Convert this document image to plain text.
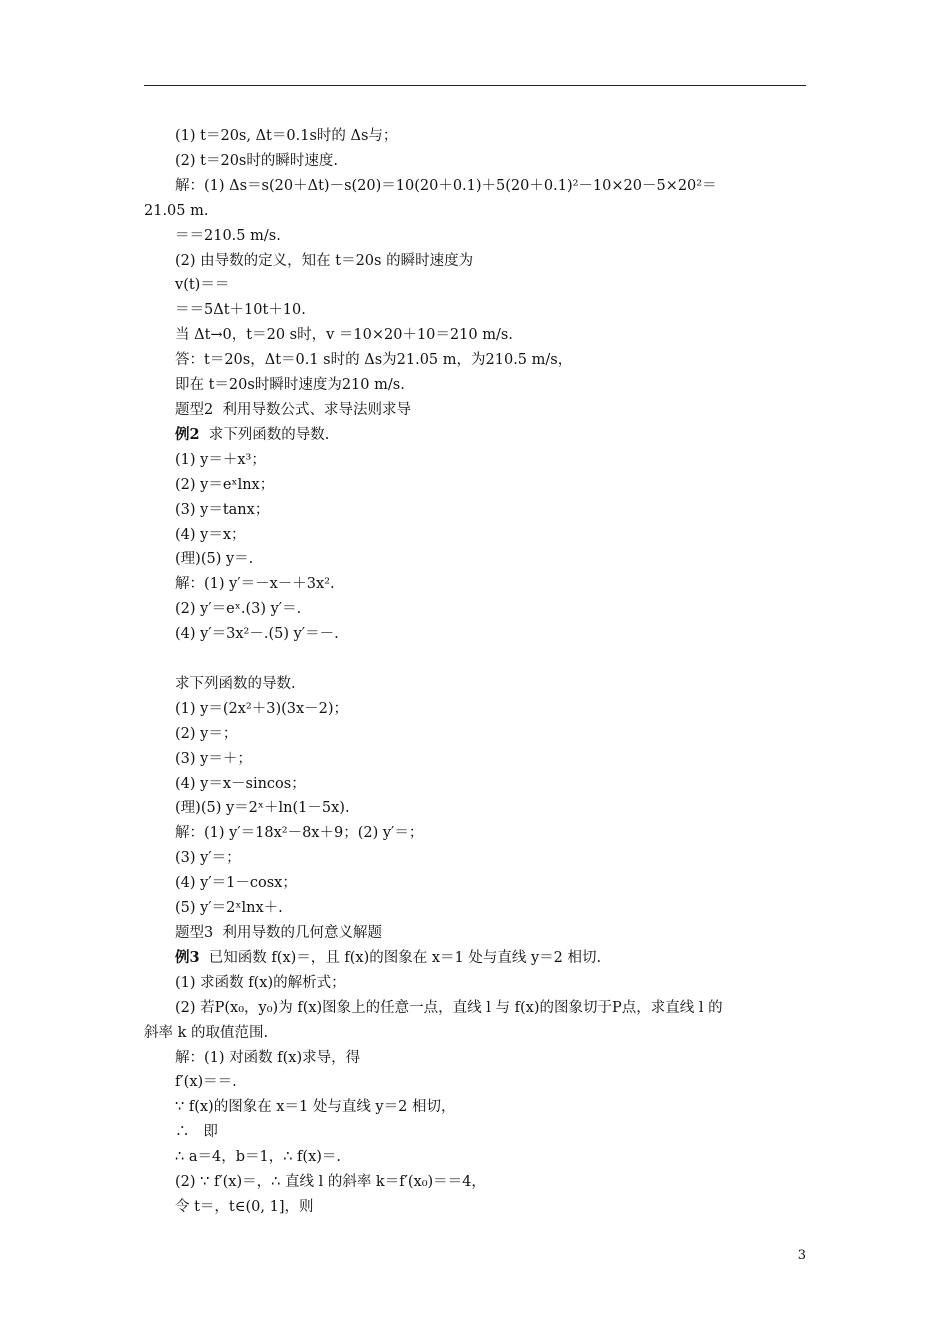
(1) t＝20s, Δt＝0.1s时的 Δs与；
(2) t＝20s时的瞬时速度.
解：(1) Δs＝s(20＋Δt)－s(20)＝10(20＋0.1)＋5(20＋0.1)²－10×20－5×20²＝
21.05 m.
＝＝210.5 m/s.
(2) 由导数的定义，知在 t＝20s 的瞬时速度为
v(t)＝＝
＝＝5Δt＋10t＋10.
当 Δt→0，t＝20 s时，v ＝10×20＋10＝210 m/s.
答：t＝20s，Δt＝0.1 s时的 Δs为21.05 m，为210.5 m/s，
即在 t＝20s时瞬时速度为210 m/s.
题型2  利用导数公式、求导法则求导
例2  求下列函数的导数.
(1) y＝＋x³；
(2) y＝eˣlnx；
(3) y＝tanx；
(4) y＝x；
(理)(5) y＝.
解：(1) y′＝－x－＋3x².
(2) y′＝eˣ.(3) y′＝.
(4) y′＝3x²－.(5) y′＝－.
求下列函数的导数.
(1) y＝(2x²＋3)(3x－2)；
(2) y＝；
(3) y＝＋；
(4) y＝x－sincos；
(理)(5) y＝2ˣ＋ln(1－5x).
解：(1) y′＝18x²－8x＋9；(2) y′＝；
(3) y′＝；
(4) y′＝1－cosx；
(5) y′＝2ˣlnx＋.
题型3  利用导数的几何意义解题
例3  已知函数 f(x)＝，且 f(x)的图象在 x＝1 处与直线 y＝2 相切.
(1) 求函数 f(x)的解析式；
(2) 若P(x₀，y₀)为 f(x)图象上的任意一点，直线 l 与 f(x)的图象切于P点，求直线 l 的
斜率 k 的取值范围.
解：(1) 对函数 f(x)求导，得
f′(x)＝＝.
∵ f(x)的图象在 x＝1 处与直线 y＝2 相切，
∴   即
∴ a＝4，b＝1，∴ f(x)＝.
(2) ∵ f′(x)＝，∴ 直线 l 的斜率 k＝f′(x₀)＝＝4，
令 t＝，t∈(0, 1]，则
3
